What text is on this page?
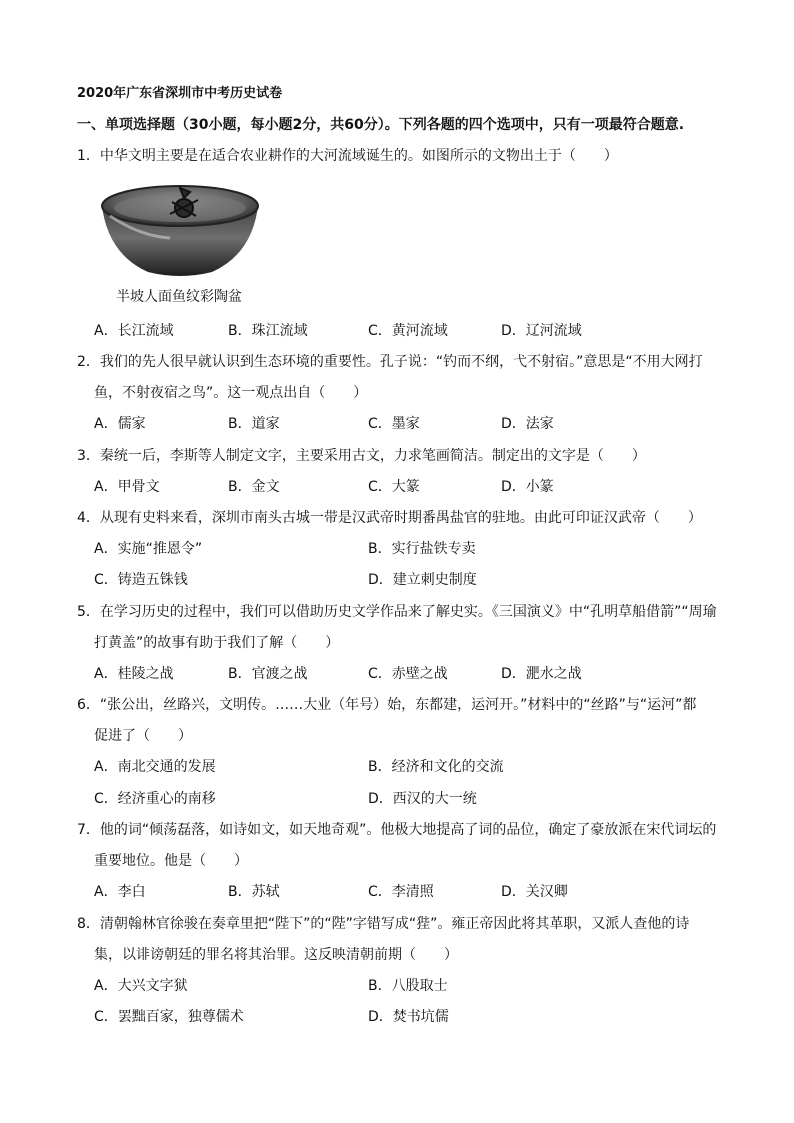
2020年广东省深圳市中考历史试卷
一、单项选择题（30小题，每小题2分，共60分）。下列各题的四个选项中，只有一项最符合题意.
1．中华文明主要是在适合农业耕作的大河流域诞生的。如图所示的文物出土于（　　）
半坡人面鱼纹彩陶盆
A．长江流域	B．珠江流域	C．黄河流域	D．辽河流域
2．我们的先人很早就认识到生态环境的重要性。孔子说：“钓而不纲，弋不射宿。”意思是“不用大网打
鱼，不射夜宿之鸟”。这一观点出自（　　）
A．儒家	B．道家	C．墨家	D．法家
3．秦统一后，李斯等人制定文字，主要采用古文，力求笔画简洁。制定出的文字是（　　）
A．甲骨文	B．金文	C．大篆	D．小篆
4．从现有史料来看，深圳市南头古城一带是汉武帝时期番禺盐官的驻地。由此可印证汉武帝（　　）
A．实施“推恩令”	B．实行盐铁专卖
C．铸造五铢钱	D．建立刺史制度
5．在学习历史的过程中，我们可以借助历史文学作品来了解史实。《三国演义》中“孔明草船借箭”“周瑜
打黄盖”的故事有助于我们了解（　　）
A．桂陵之战	B．官渡之战	C．赤壁之战	D．淝水之战
6．“张公出，丝路兴，文明传。……大业（年号）始，东都建，运河开。”材料中的“丝路”与“运河”都
促进了（　　）
A．南北交通的发展	B．经济和文化的交流
C．经济重心的南移	D．西汉的大一统
7．他的词“倾荡磊落，如诗如文，如天地奇观”。他极大地提高了词的品位，确定了豪放派在宋代词坛的
重要地位。他是（　　）
A．李白	B．苏轼	C．李清照	D．关汉卿
8．清朝翰林官徐骏在奏章里把“陛下”的“陛”字错写成“狴”。雍正帝因此将其革职，又派人查他的诗
集，以诽谤朝廷的罪名将其治罪。这反映清朝前期（　　）
A．大兴文字狱	B．八股取士
C．罢黜百家，独尊儒术	D．焚书坑儒
